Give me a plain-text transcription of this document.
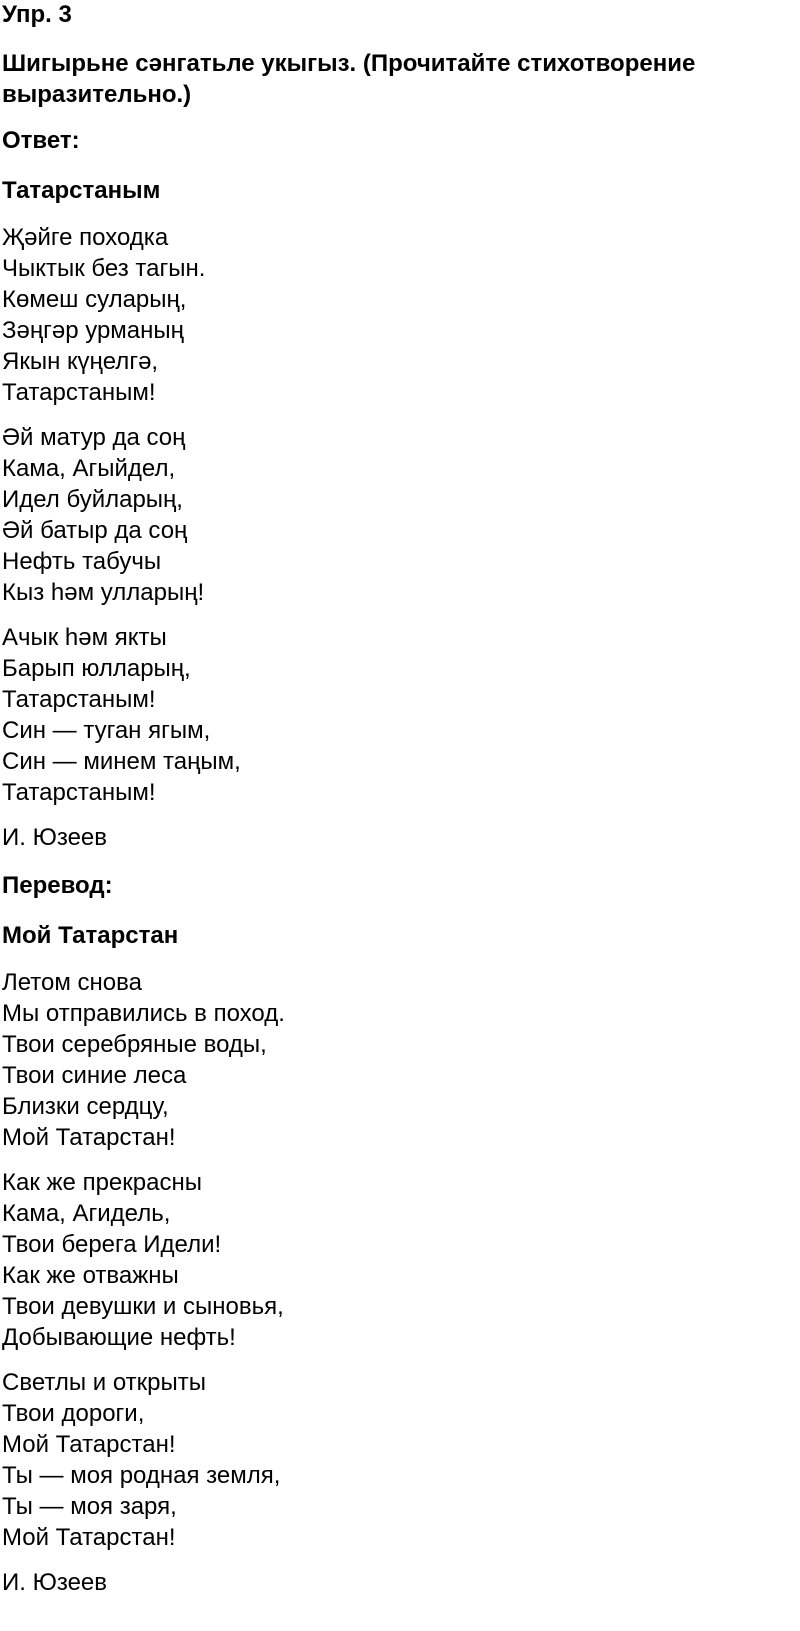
Упр. 3

Шигырьне сәнгатьле укыгыз. (Прочитайте стихотворение выразительно.)

Ответ:

Татарстаным

Җәйге походка
Чыктык без тагын.
Көмеш суларың,
Зәңгәр урманың
Якын күңелгә,
Татарстаным!
Әй матур да соң
Кама, Агыйдел,
Идел буйларың,
Әй батыр да соң
Нефть табучы
Кыз һәм улларың!
Ачык һәм якты
Барып юлларың,
Татарстаным!
Син — туган ягым,
Син — минем таңым,
Татарстаным!

И. Юзеев

Перевод:

Мой Татарстан

Летом снова
Мы отправились в поход.
Твои серебряные воды,
Твои синие леса
Близки сердцу,
Мой Татарстан!
Как же прекрасны
Кама, Агидель,
Твои берега Идели!
Как же отважны
Твои девушки и сыновья,
Добывающие нефть!
Светлы и открыты
Твои дороги,
Мой Татарстан!
Ты — моя родная земля,
Ты — моя заря,
Мой Татарстан!

И. Юзеев
